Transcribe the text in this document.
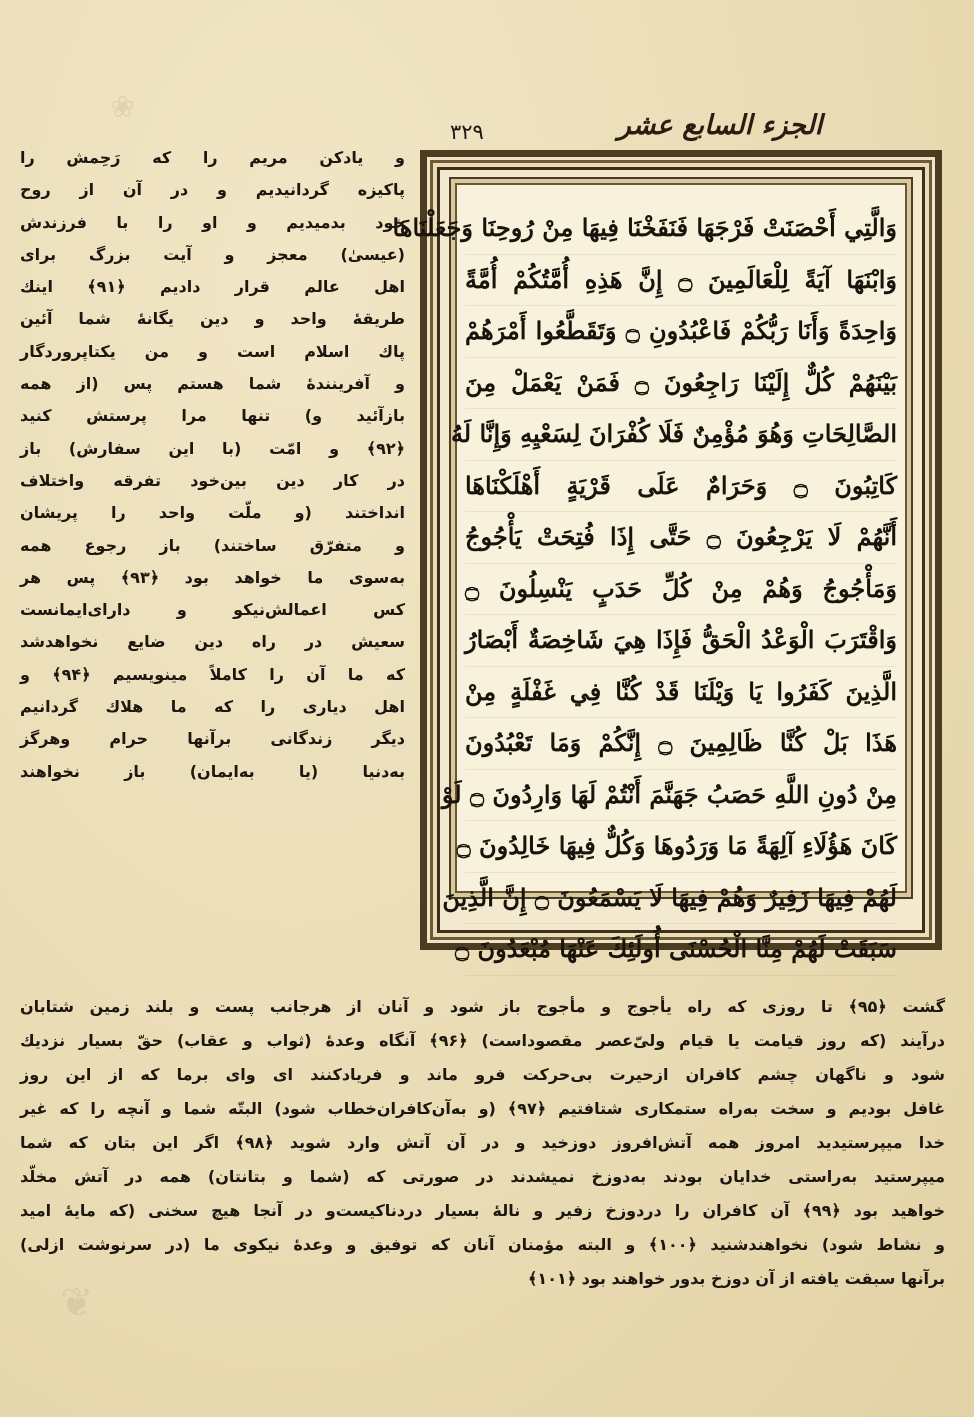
❀
❦
۳۲۹	الجزء السابع عشر
وَالَّتِي أَحْصَنَتْ فَرْجَهَا فَنَفَخْنَا فِيهَا مِنْ رُوحِنَا وَجَعَلْنَاهَا
وَابْنَهَا آيَةً لِلْعَالَمِينَ ۝ إِنَّ هَذِهِ أُمَّتُكُمْ أُمَّةً
وَاحِدَةً وَأَنَا رَبُّكُمْ فَاعْبُدُونِ ۝ وَتَقَطَّعُوا أَمْرَهُمْ
بَيْنَهُمْ كُلٌّ إِلَيْنَا رَاجِعُونَ ۝ فَمَنْ يَعْمَلْ مِنَ
الصَّالِحَاتِ وَهُوَ مُؤْمِنٌ فَلَا كُفْرَانَ لِسَعْيِهِ وَإِنَّا لَهُ
كَاتِبُونَ ۝ وَحَرَامٌ عَلَى قَرْيَةٍ أَهْلَكْنَاهَا
أَنَّهُمْ لَا يَرْجِعُونَ ۝ حَتَّى إِذَا فُتِحَتْ يَأْجُوجُ
وَمَأْجُوجُ وَهُمْ مِنْ كُلِّ حَدَبٍ يَنْسِلُونَ ۝
وَاقْتَرَبَ الْوَعْدُ الْحَقُّ فَإِذَا هِيَ شَاخِصَةٌ أَبْصَارُ
الَّذِينَ كَفَرُوا يَا وَيْلَنَا قَدْ كُنَّا فِي غَفْلَةٍ مِنْ
هَذَا بَلْ كُنَّا ظَالِمِينَ ۝ إِنَّكُمْ وَمَا تَعْبُدُونَ
مِنْ دُونِ اللَّهِ حَصَبُ جَهَنَّمَ أَنْتُمْ لَهَا وَارِدُونَ ۝ لَوْ
كَانَ هَؤُلَاءِ آلِهَةً مَا وَرَدُوهَا وَكُلٌّ فِيهَا خَالِدُونَ ۝
لَهُمْ فِيهَا زَفِيرٌ وَهُمْ فِيهَا لَا يَسْمَعُونَ ۝ إِنَّ الَّذِينَ
سَبَقَتْ لَهُمْ مِنَّا الْحُسْنَى أُولَئِكَ عَنْهَا مُبْعَدُونَ ۝
و یادکن مریم را که رَحِمش را
پاکیزه گردانیدیم و در آن از روح
خود بدمیدیم و او را با فرزندش
(عیسیٰ) معجز و آیت بزرگ برای
اهل عالم قرار دادیم ﴿۹۱﴾ اینك
طریقهٔ واحد و دین یگانهٔ شما آئین
پاك اسلام است و من یکتاپروردگار
و آفرینندهٔ شما هستم پس (از همه
بازآئید و) تنها مرا پرستش کنید
﴿۹۲﴾ و امّت (با این سفارش) باز
در کار دین بین‌خود تفرقه واختلاف
انداختند (و ملّت واحد را پریشان
و متفرّق ساختند) باز رجوع همه
به‌سوی ما خواهد بود ﴿۹۳﴾ پس هر
کس اعمالش‌نیکو و دارای‌ایمانست
سعیش در راه دین ضایع نخواهدشد
که ما آن را کاملاً مینویسیم ﴿۹۴﴾ و
اهل دیاری را که ما هلاك گردانیم
دیگر زندگانی برآنها حرام وهرگز
به‌دنیا (یا به‌ایمان) باز نخواهند
گشت ﴿۹۵﴾ تا روزی که راه یأجوج و مأجوج باز شود و آنان از هرجانب پست و بلند زمین شتابان
درآیند (که روز قیامت یا قیام ولیّ‌عصر مقصوداست) ﴿۹۶﴾ آنگاه وعدهٔ (ثواب و عقاب) حقّ بسیار نزدیك
شود و ناگهان چشم کافران ازحیرت بی‌حرکت فرو ماند و فریادکنند ای وای برما که از این روز
غافل بودیم و سخت به‌راه ستمکاری شتافتیم ﴿۹۷﴾ (و به‌آن‌کافران‌خطاب شود) البتّه شما و آنچه را که غیر
خدا میپرستیدید امروز همه آتش‌افروز دوزخید و در آن آتش وارد شوید ﴿۹۸﴾ اگر این بتان که شما
میپرستید به‌راستی خدایان بودند به‌دوزخ نمیشدند در صورتی که (شما و بتانتان) همه در آتش مخلّد
خواهید بود ﴿۹۹﴾ آن کافران را دردوزخ زفیر و نالهٔ بسیار دردناکیست‌و در آنجا هیچ سخنی (که مایهٔ امید
و نشاط شود) نخواهندشنید ﴿۱۰۰﴾ و البته مؤمنان آنان که توفیق و وعدهٔ نیکوی ما (در سرنوشت ازلی)
برآنها سبقت یافته از آن دوزخ بدور خواهند بود ﴿۱۰۱﴾
